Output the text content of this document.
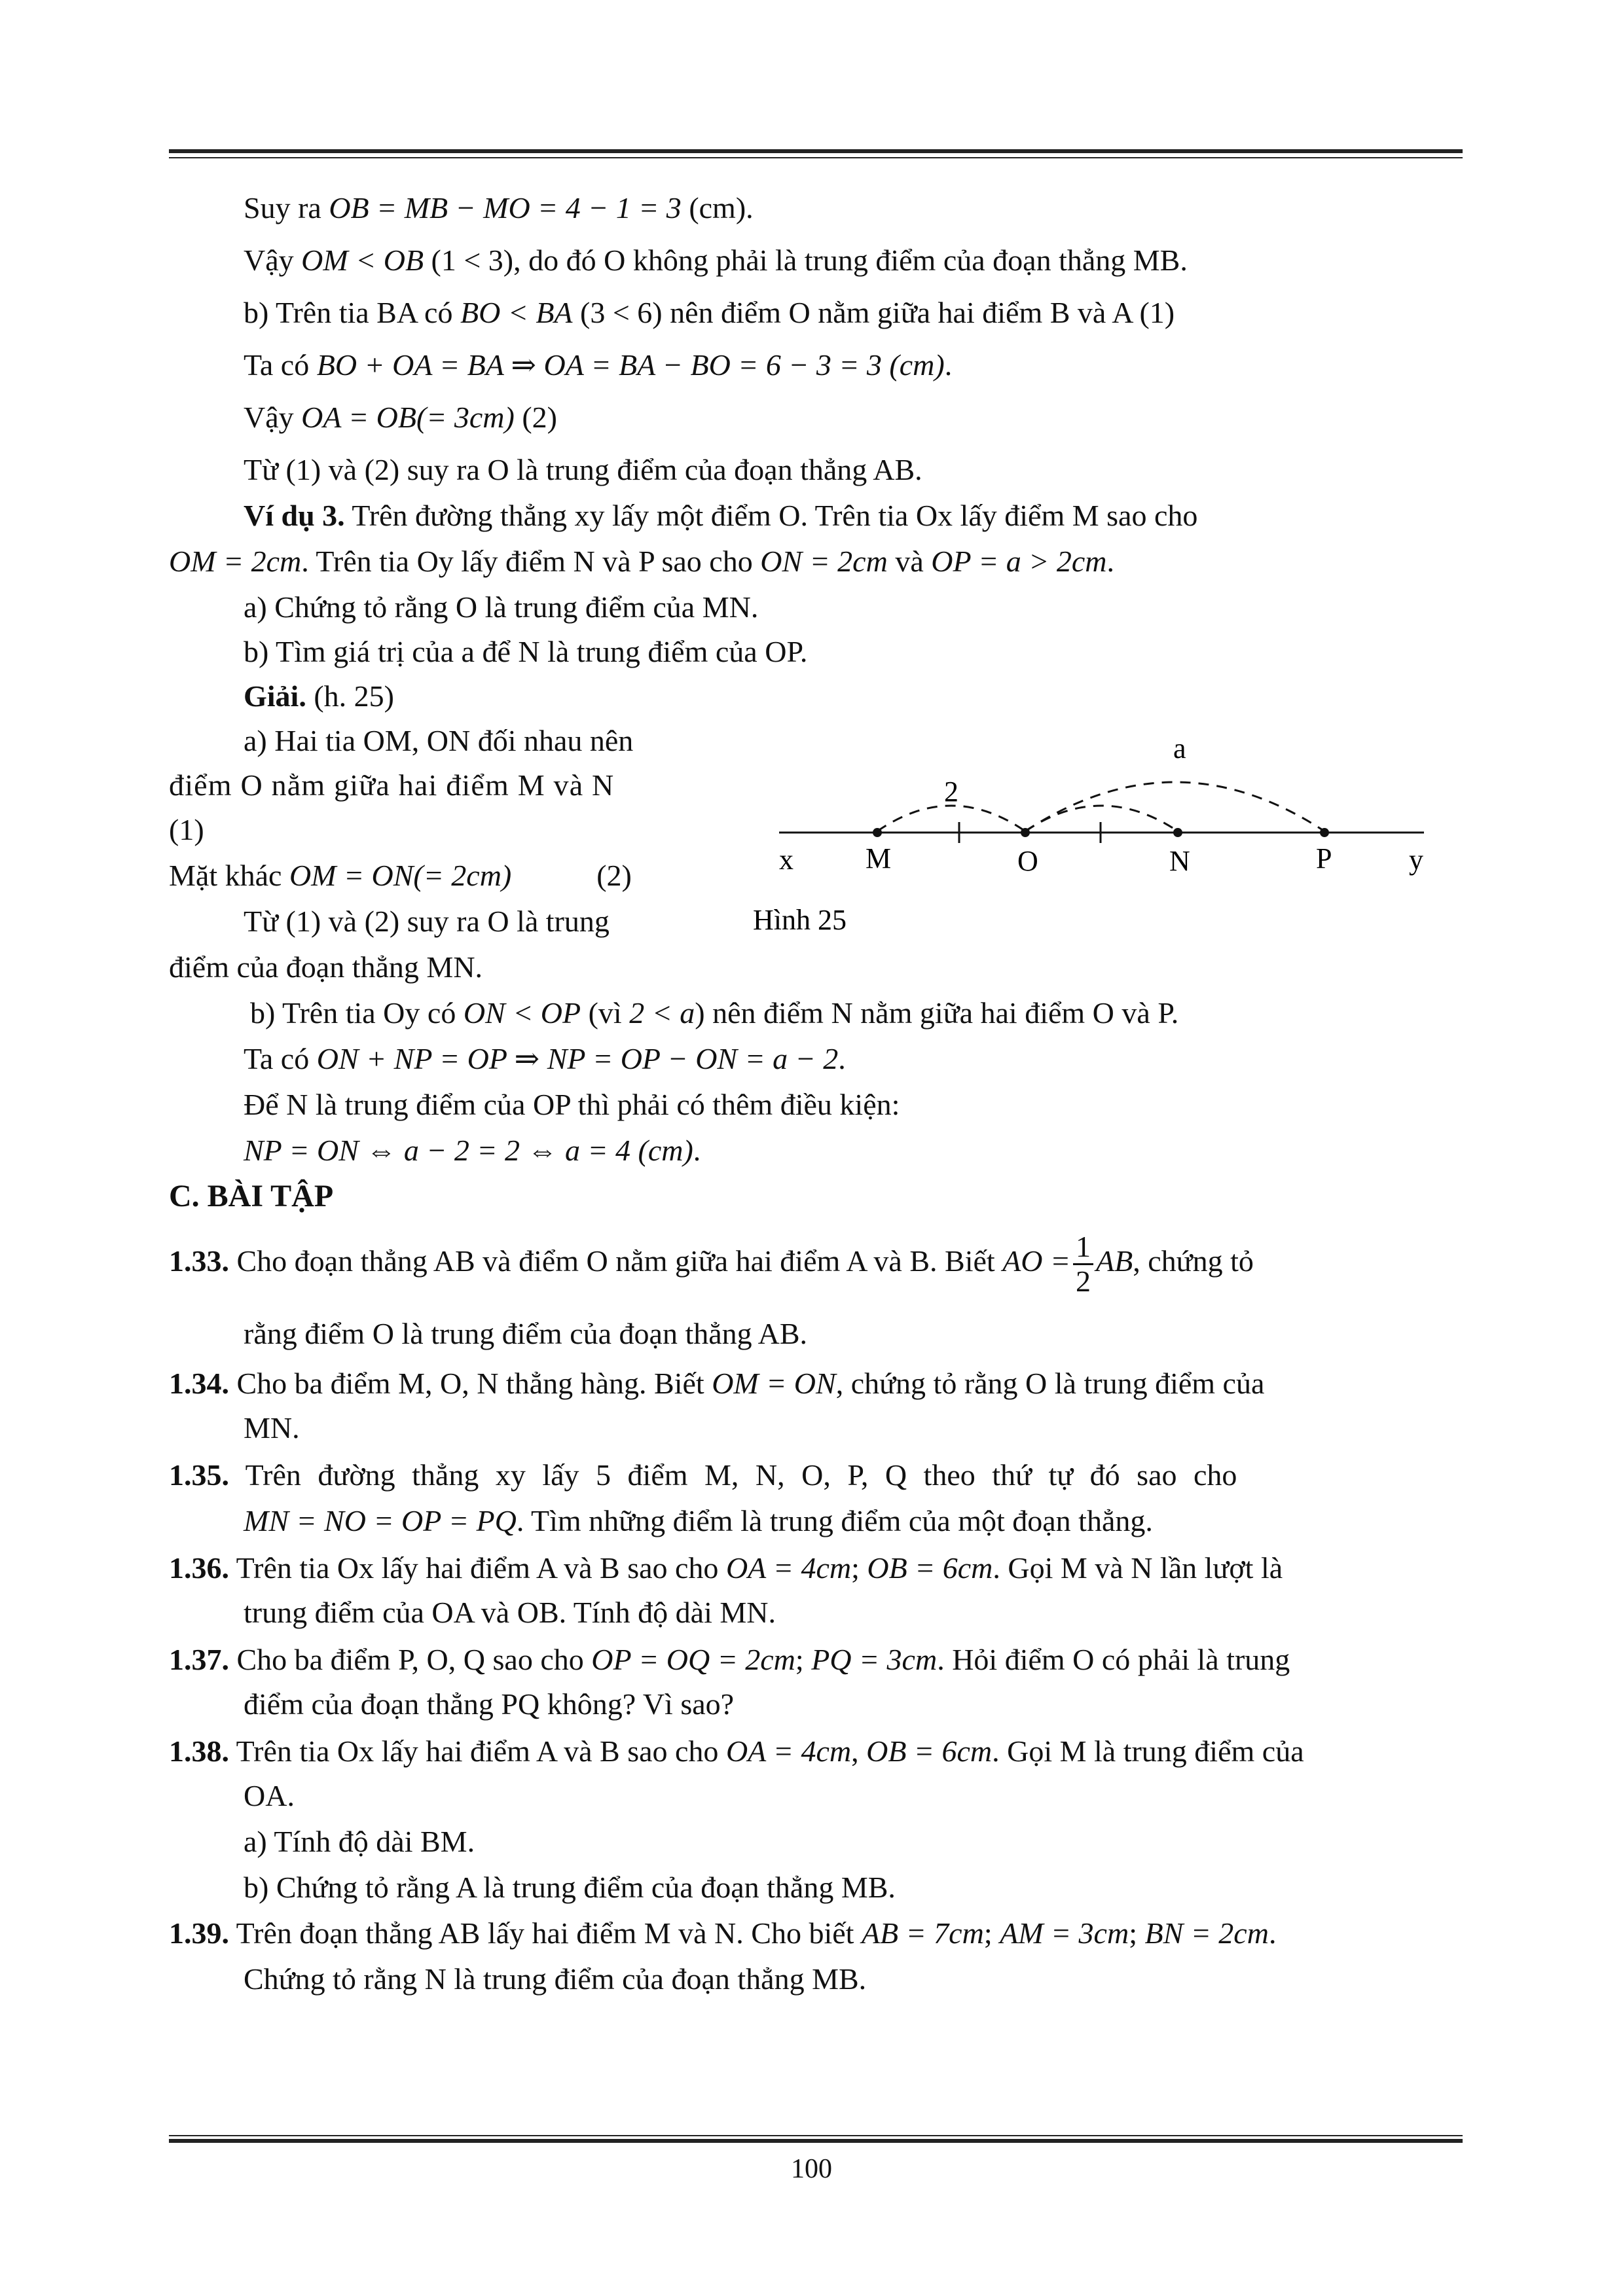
Suy ra OB = MB − MO = 4 − 1 = 3 (cm).
Vậy OM < OB (1 < 3), do đó O không phải là trung điểm của đoạn thẳng MB.
b) Trên tia BA có BO < BA (3 < 6) nên điểm O nằm giữa hai điểm B và A (1)
Ta có BO + OA = BA ⇒ OA = BA − BO = 6 − 3 = 3 (cm).
Vậy OA = OB(= 3cm) (2)
Từ (1) và (2) suy ra O là trung điểm của đoạn thẳng AB.
Ví dụ 3. Trên đường thẳng xy lấy một điểm O. Trên tia Ox lấy điểm M sao cho
OM = 2cm. Trên tia Oy lấy điểm N và P sao cho ON = 2cm và OP = a > 2cm.
a) Chứng tỏ rằng O là trung điểm của MN.
b) Tìm giá trị của a để N là trung điểm của OP.
Giải. (h. 25)
a) Hai tia OM, ON đối nhau nên
điểm O nằm giữa hai điểm M và N
(1)
Mặt khác OM = ON(= 2cm)	(2)
Từ (1) và (2) suy ra O là trung
điểm của đoạn thẳng MN.
b) Trên tia Oy có ON < OP (vì 2 < a) nên điểm N nằm giữa hai điểm O và P.
Ta có ON + NP = OP ⇒ NP = OP − ON = a − 2.
Để N là trung điểm của OP thì phải có thêm điều kiện:
NP = ON ⇔ a − 2 = 2 ⇔ a = 4 (cm).
a
2
x	M	O	N	P	y
Hình 25
C. BÀI TẬP
1.33. Cho đoạn thẳng AB và điểm O nằm giữa hai điểm A và B. Biết AO = $\frac{1}{2}$ AB, chứng tỏ
rằng điểm O là trung điểm của đoạn thẳng AB.
1.34. Cho ba điểm M, O, N thẳng hàng. Biết OM = ON, chứng tỏ rằng O là trung điểm của
MN.
1.35. Trên đường thẳng xy lấy 5 điểm M, N, O, P, Q theo thứ tự đó sao cho
MN = NO = OP = PQ. Tìm những điểm là trung điểm của một đoạn thẳng.
1.36. Trên tia Ox lấy hai điểm A và B sao cho OA = 4cm; OB = 6cm. Gọi M và N lần lượt là
trung điểm của OA và OB. Tính độ dài MN.
1.37. Cho ba điểm P, O, Q sao cho OP = OQ = 2cm; PQ = 3cm. Hỏi điểm O có phải là trung
điểm của đoạn thẳng PQ không? Vì sao?
1.38. Trên tia Ox lấy hai điểm A và B sao cho OA = 4cm, OB = 6cm. Gọi M là trung điểm của
OA.
a) Tính độ dài BM.
b) Chứng tỏ rằng A là trung điểm của đoạn thẳng MB.
1.39. Trên đoạn thẳng AB lấy hai điểm M và N. Cho biết AB = 7cm; AM = 3cm; BN = 2cm.
Chứng tỏ rằng N là trung điểm của đoạn thẳng MB.
100
